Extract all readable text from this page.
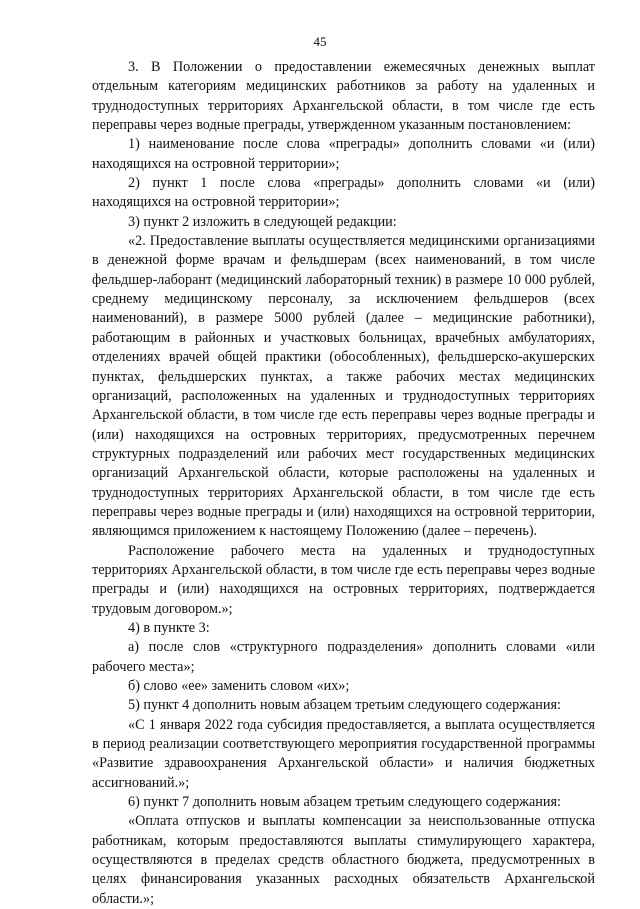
45

3. В Положении о предоставлении ежемесячных денежных выплат отдельным категориям медицинских работников за работу на удаленных и труднодоступных территориях Архангельской области, в том числе где есть переправы через водные преграды, утвержденном указанным постановлением:

1) наименование после слова «преграды» дополнить словами «и (или) находящихся на островной территории»;

2) пункт 1 после слова «преграды» дополнить словами «и (или) находящихся на островной территории»;

3) пункт 2 изложить в следующей редакции:

«2. Предоставление выплаты осуществляется медицинскими организациями в денежной форме врачам и фельдшерам (всех наименований, в том числе фельдшер-лаборант (медицинский лабораторный техник) в размере 10 000 рублей, среднему медицинскому персоналу, за исключением фельдшеров (всех наименований), в размере 5000 рублей (далее – медицинские работники), работающим в районных и участковых больницах, врачебных амбулаториях, отделениях врачей общей практики (обособленных), фельдшерско-акушерских пунктах, фельдшерских пунктах, а также рабочих местах медицинских организаций, расположенных на удаленных и труднодоступных территориях Архангельской области, в том числе где есть переправы через водные преграды и (или) находящихся на островных территориях, предусмотренных перечнем структурных подразделений или рабочих мест государственных медицинских организаций Архангельской области, которые расположены на удаленных и труднодоступных территориях Архангельской области, в том числе где есть переправы через водные преграды и (или) находящихся на островной территории, являющимся приложением к настоящему Положению (далее – перечень).

Расположение рабочего места на удаленных и труднодоступных территориях Архангельской области, в том числе где есть переправы через водные преграды и (или) находящихся на островных территориях, подтверждается трудовым договором.»;

4) в пункте 3:

а) после слов «структурного подразделения» дополнить словами «или рабочего места»;

б) слово «ее» заменить словом «их»;

5) пункт 4 дополнить новым абзацем третьим следующего содержания:

«С 1 января 2022 года субсидия предоставляется, а выплата осуществляется в период реализации соответствующего мероприятия государственной программы «Развитие здравоохранения Архангельской области» и наличия бюджетных ассигнований.»;

6) пункт 7 дополнить новым абзацем третьим следующего содержания:

«Оплата отпусков и выплаты компенсации за неиспользованные отпуска работникам, которым предоставляются выплаты стимулирующего характера, осуществляются в пределах средств областного бюджета, предусмотренных в целях финансирования указанных расходных обязательств Архангельской области.»;
